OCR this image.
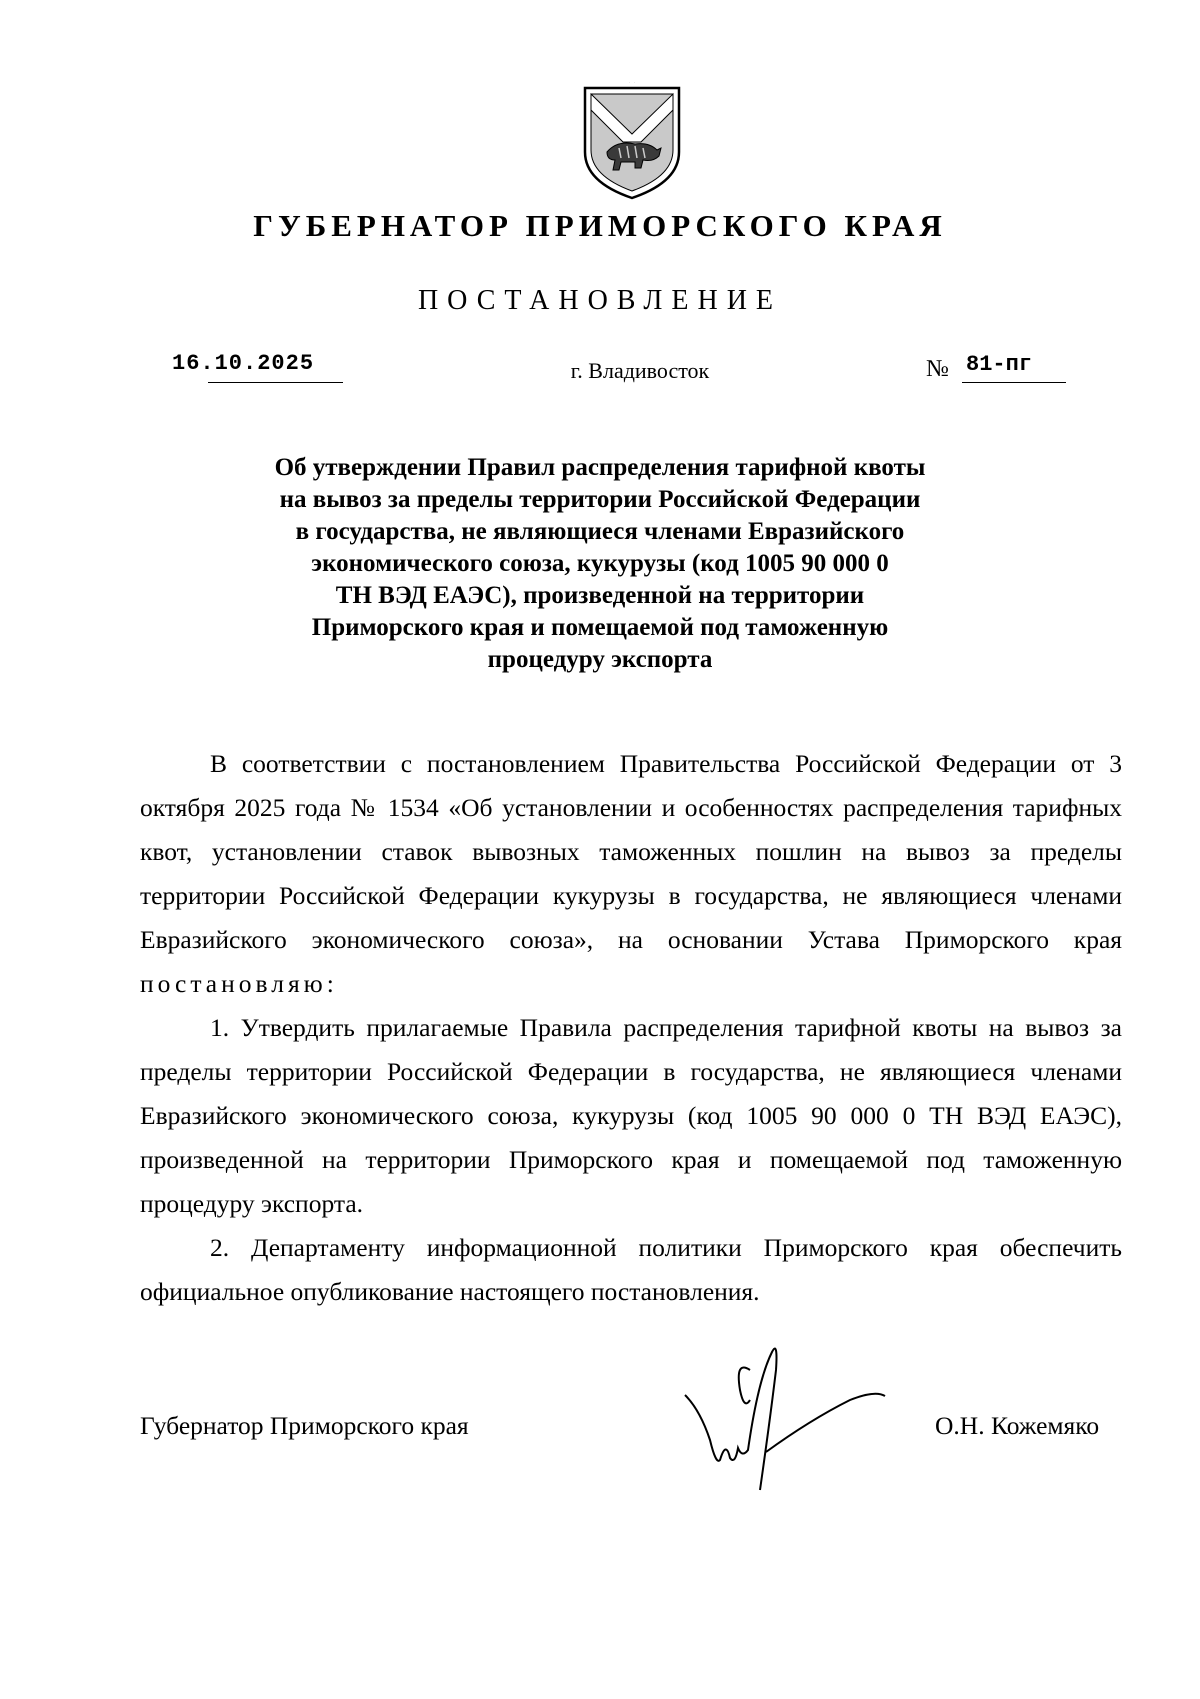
ГУБЕРНАТОР ПРИМОРСКОГО КРАЯ
ПОСТАНОВЛЕНИЕ
16.10.2025	г. Владивосток	№ 81-пг
Об утверждении Правил распределения тарифной квоты
на вывоз за пределы территории Российской Федерации
в государства, не являющиеся членами Евразийского
экономического союза, кукурузы (код 1005 90 000 0
ТН ВЭД ЕАЭС), произведенной на территории
Приморского края и помещаемой под таможенную
процедуру экспорта

В соответствии с постановлением Правительства Российской Федерации от 3 октября 2025 года № 1534 «Об установлении и особенностях распределения тарифных квот, установлении ставок вывозных таможенных пошлин на вывоз за пределы территории Российской Федерации кукурузы в государства, не являющиеся членами Евразийского экономического союза», на основании Устава Приморского края постановляю:

1. Утвердить прилагаемые Правила распределения тарифной квоты на вывоз за пределы территории Российской Федерации в государства, не являющиеся членами Евразийского экономического союза, кукурузы (код 1005 90 000 0 ТН ВЭД ЕАЭС), произведенной на территории Приморского края и помещаемой под таможенную процедуру экспорта.

2. Департаменту информационной политики Приморского края обеспечить официальное опубликование настоящего постановления.

Губернатор Приморского края	О.Н. Кожемяко
